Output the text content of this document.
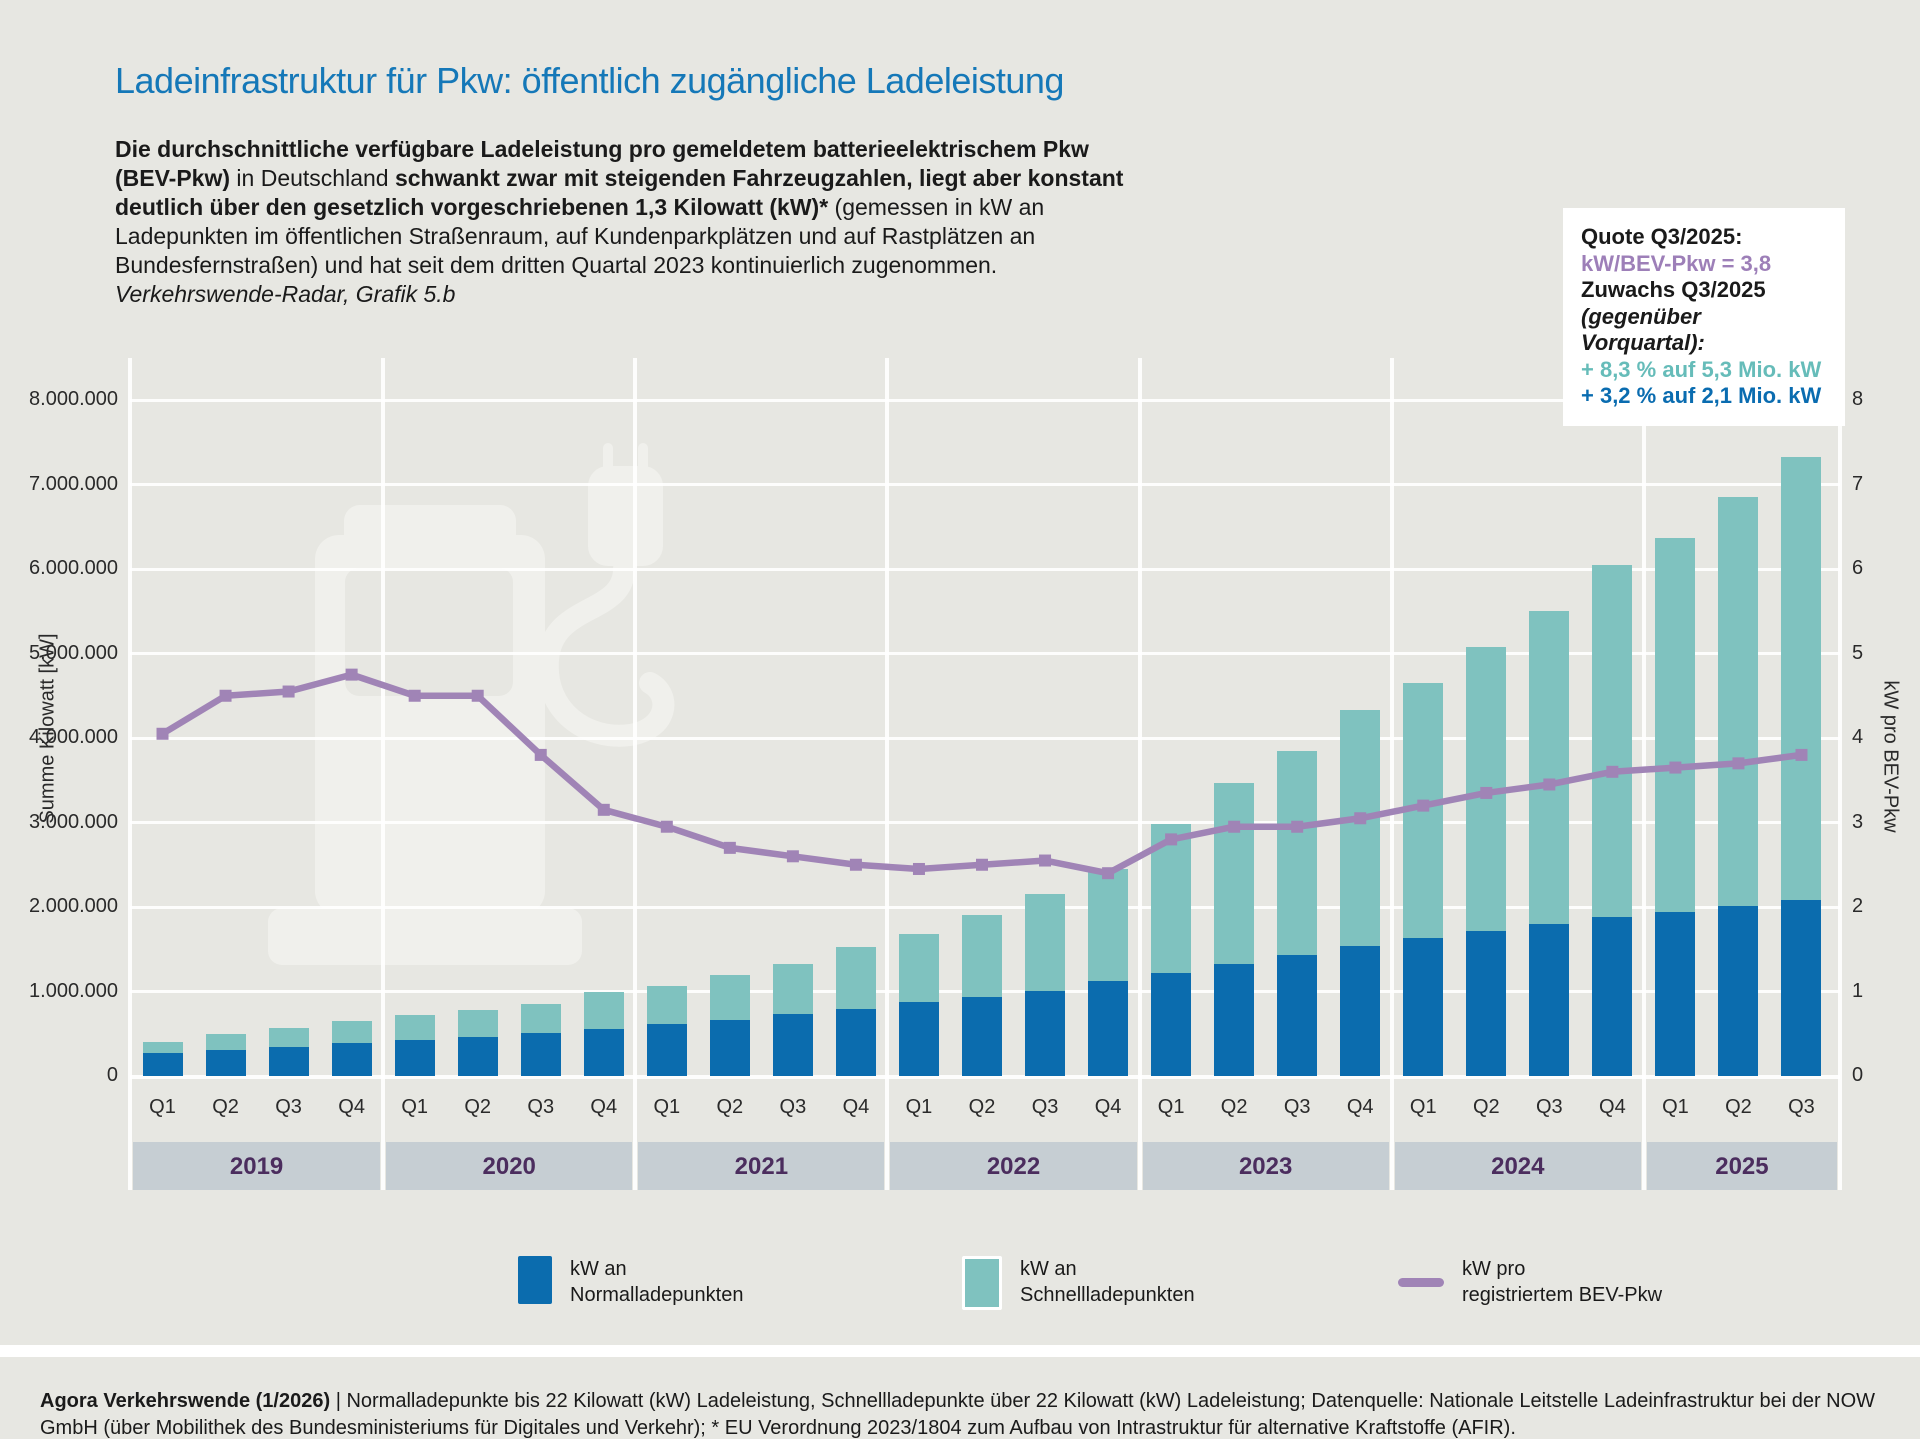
Ladeinfrastruktur für Pkw: öffentlich zugängliche Ladeleistung

Die durchschnittliche verfügbare Ladeleistung pro gemeldetem batterieelektrischem Pkw (BEV-Pkw) in Deutschland schwankt zwar mit steigenden Fahrzeugzahlen, liegt aber konstant deutlich über den gesetzlich vorgeschriebenen 1,3 Kilowatt (kW)* (gemessen in kW an Ladepunkten im öffentlichen Straßenraum, auf Kundenparkplätzen und auf Rastplätzen an Bundesfernstraßen) und hat seit dem dritten Quartal 2023 kontinuierlich zugenommen. Verkehrswende-Radar, Grafik 5.b

Quote Q3/2025:
kW/BEV-Pkw = 3,8
Zuwachs Q3/2025
(gegenüber Vorquartal):
+ 8,3 % auf 5,3 Mio. kW
+ 3,2 % auf 2,1 Mio. kW
0	0
1.000.000	1
2.000.000	2
3.000.000	3
4.000.000	4
5.000.000	5
6.000.000	6
7.000.000	7
8.000.000	8
2019	2020	2021	2022	2023	2024	2025
Q1	Q2	Q3	Q4	Q1	Q2	Q3	Q4	Q1	Q2	Q3	Q4	Q1	Q2	Q3	Q4	Q1	Q2	Q3	Q4	Q1	Q2	Q3	Q4	Q1	Q2	Q3
Summe Kilowatt [kW]	kW pro BEV-Pkw
kW an
Normalladepunkten
kW an
Schnellladepunkten
kW pro
registriertem BEV-Pkw

Agora Verkehrswende (1/2026) | Normalladepunkte bis 22 Kilowatt (kW) Ladeleistung, Schnellladepunkte über 22 Kilowatt (kW) Ladeleistung; Datenquelle: Nationale Leitstelle Ladeinfrastruktur bei der NOW GmbH (über Mobilithek des Bundesministeriums für Digitales und Verkehr); * EU Verordnung 2023/1804 zum Aufbau von Intrastruktur für alternative Kraftstoffe (AFIR).
